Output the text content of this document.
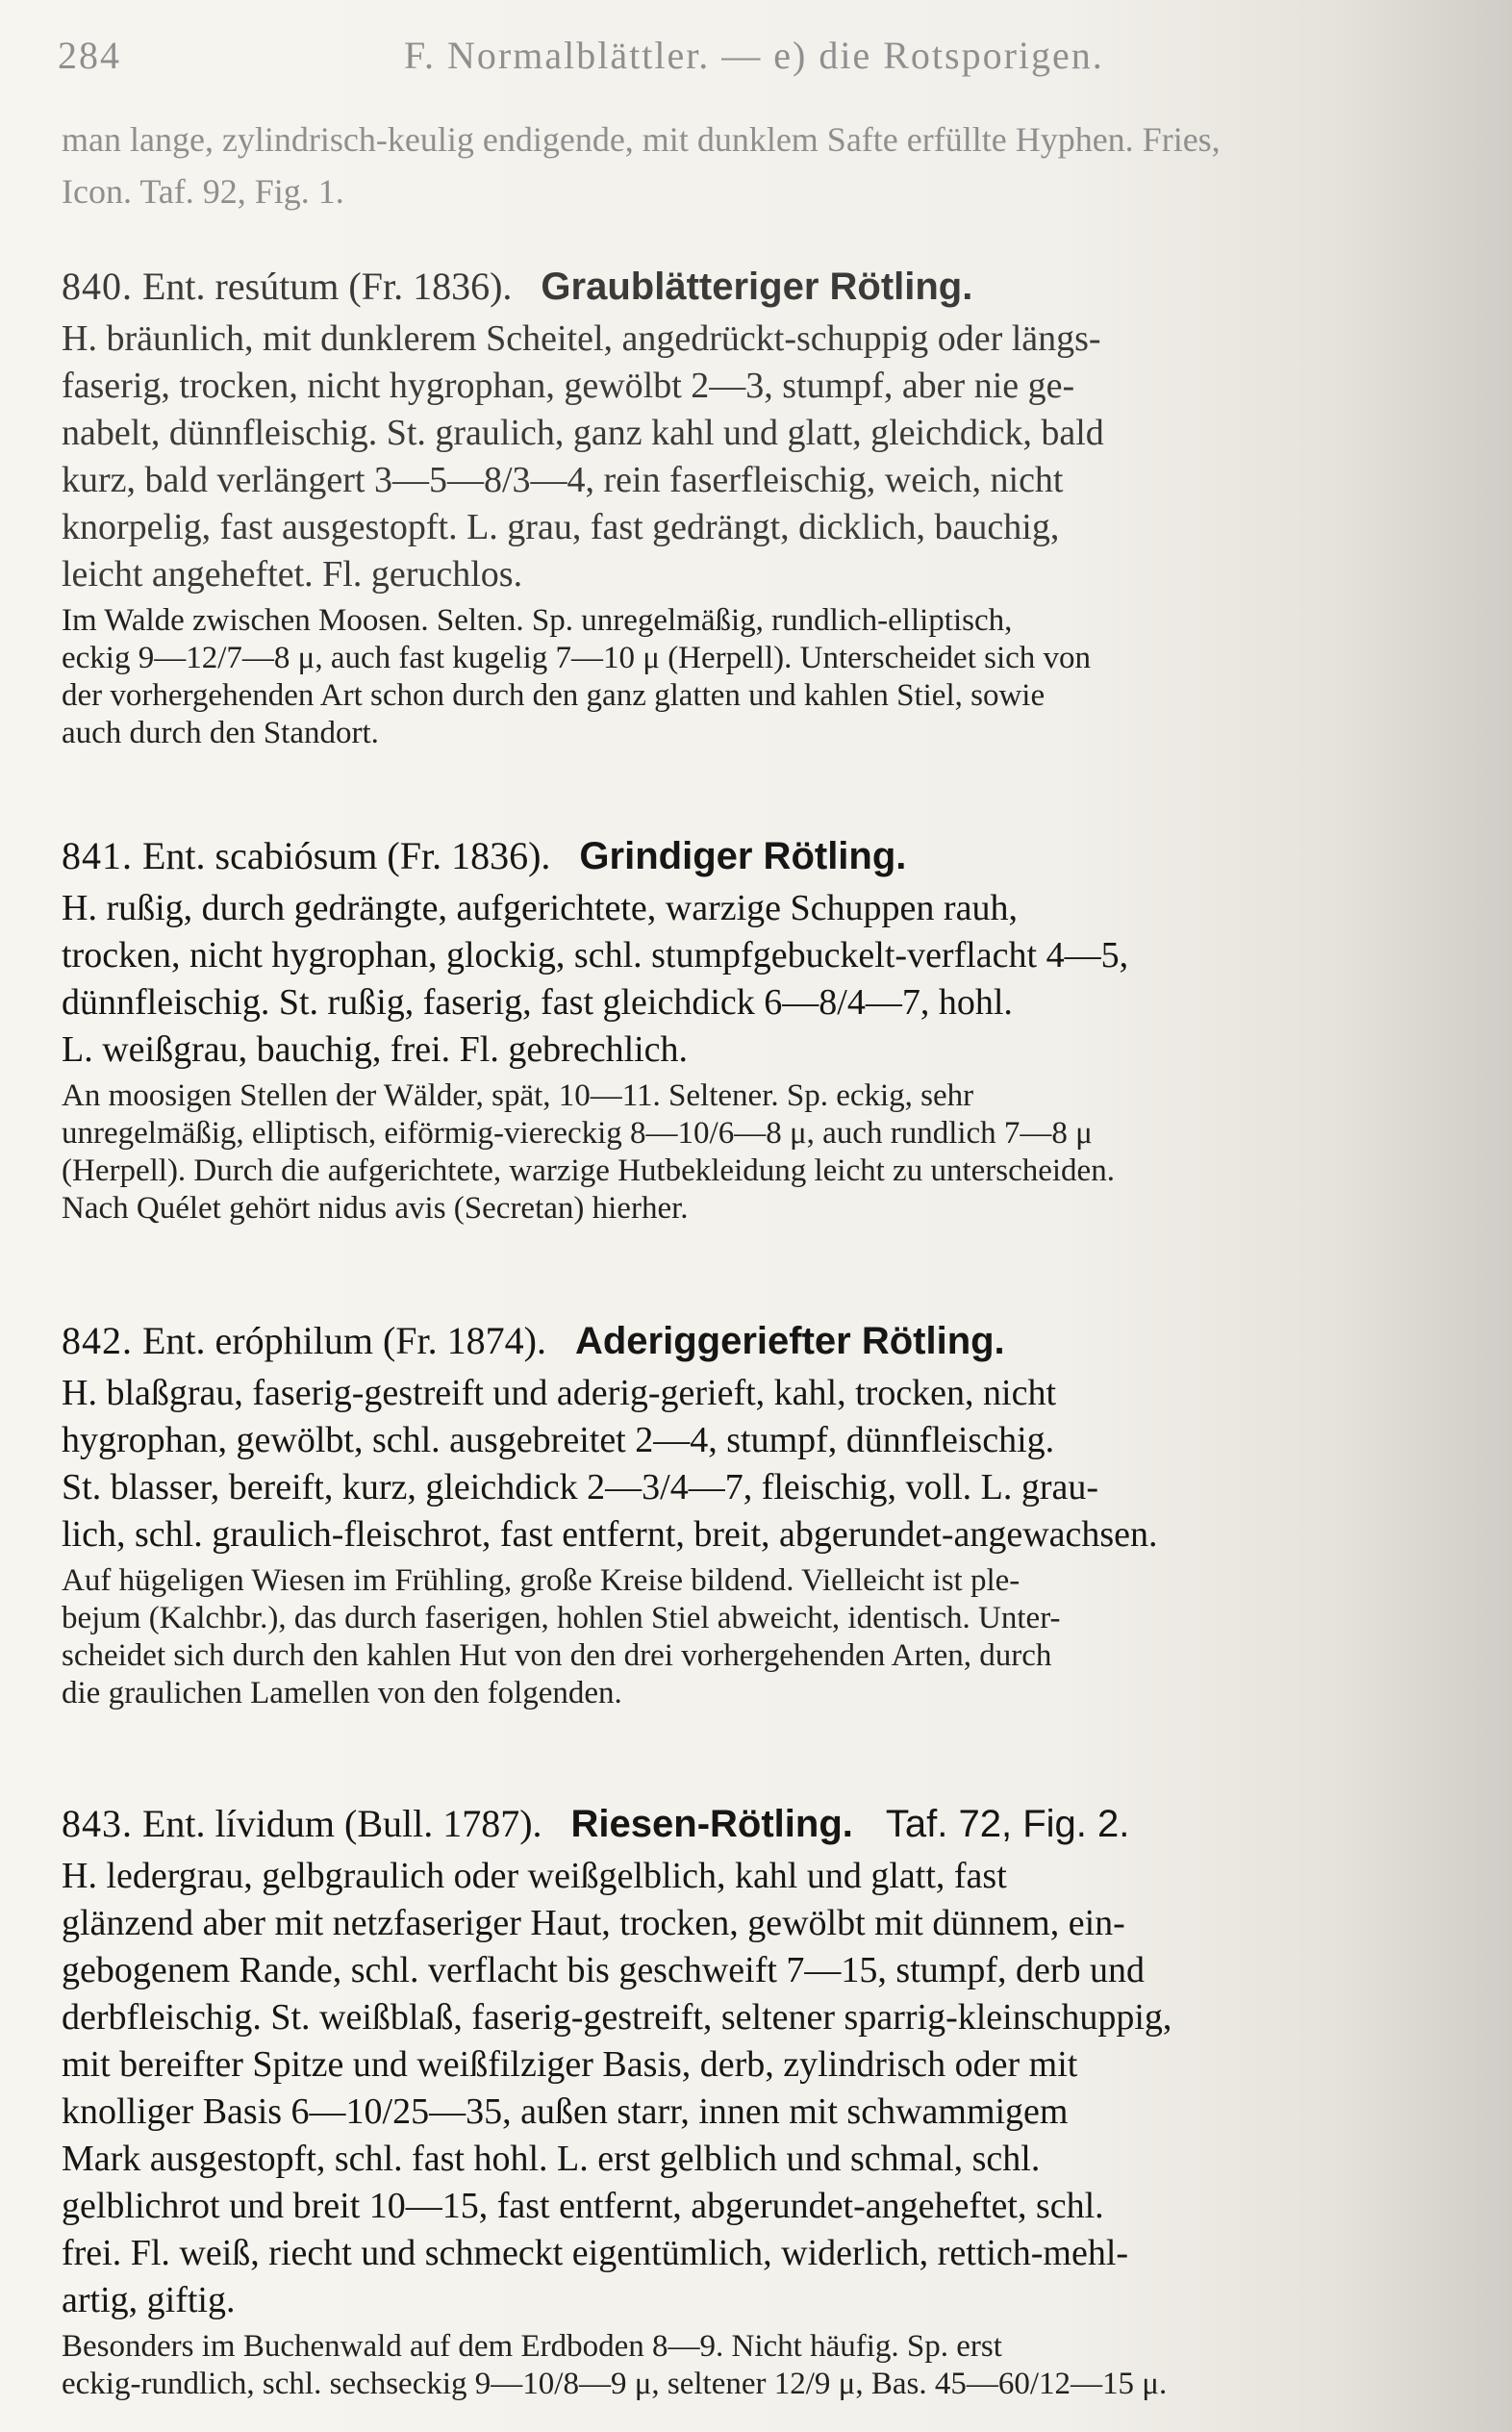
284	F. Normalblättler. — e) die Rotsporigen.
man lange, zylindrisch-keulig endigende, mit dunklem Safte erfüllte Hyphen. Fries,
Icon. Taf. 92, Fig. 1.
840. Ent. resútum (Fr. 1836). Graublätteriger Rötling.
H. bräunlich, mit dunklerem Scheitel, angedrückt-schuppig oder längs-
faserig, trocken, nicht hygrophan, gewölbt 2—3, stumpf, aber nie ge-
nabelt, dünnfleischig. St. graulich, ganz kahl und glatt, gleichdick, bald
kurz, bald verlängert 3—5—8/3—4, rein faserfleischig, weich, nicht
knorpelig, fast ausgestopft. L. grau, fast gedrängt, dicklich, bauchig,
leicht angeheftet. Fl. geruchlos.
Im Walde zwischen Moosen. Selten. Sp. unregelmäßig, rundlich-elliptisch,
eckig 9—12/7—8 μ, auch fast kugelig 7—10 μ (Herpell). Unterscheidet sich von
der vorhergehenden Art schon durch den ganz glatten und kahlen Stiel, sowie
auch durch den Standort.
841. Ent. scabiósum (Fr. 1836). Grindiger Rötling.
H. rußig, durch gedrängte, aufgerichtete, warzige Schuppen rauh,
trocken, nicht hygrophan, glockig, schl. stumpfgebuckelt-verflacht 4—5,
dünnfleischig. St. rußig, faserig, fast gleichdick 6—8/4—7, hohl.
L. weißgrau, bauchig, frei. Fl. gebrechlich.
An moosigen Stellen der Wälder, spät, 10—11. Seltener. Sp. eckig, sehr
unregelmäßig, elliptisch, eiförmig-viereckig 8—10/6—8 μ, auch rundlich 7—8 μ
(Herpell). Durch die aufgerichtete, warzige Hutbekleidung leicht zu unterscheiden.
Nach Quélet gehört nidus avis (Secretan) hierher.
842. Ent. eróphilum (Fr. 1874). Aderiggeriefter Rötling.
H. blaßgrau, faserig-gestreift und aderig-gerieft, kahl, trocken, nicht
hygrophan, gewölbt, schl. ausgebreitet 2—4, stumpf, dünnfleischig.
St. blasser, bereift, kurz, gleichdick 2—3/4—7, fleischig, voll. L. grau-
lich, schl. graulich-fleischrot, fast entfernt, breit, abgerundet-angewachsen.
Auf hügeligen Wiesen im Frühling, große Kreise bildend. Vielleicht ist ple-
bejum (Kalchbr.), das durch faserigen, hohlen Stiel abweicht, identisch. Unter-
scheidet sich durch den kahlen Hut von den drei vorhergehenden Arten, durch
die graulichen Lamellen von den folgenden.
843. Ent. lívidum (Bull. 1787). Riesen-Rötling. Taf. 72, Fig. 2.
H. ledergrau, gelbgraulich oder weißgelblich, kahl und glatt, fast
glänzend aber mit netzfaseriger Haut, trocken, gewölbt mit dünnem, ein-
gebogenem Rande, schl. verflacht bis geschweift 7—15, stumpf, derb und
derbfleischig. St. weißblaß, faserig-gestreift, seltener sparrig-kleinschuppig,
mit bereifter Spitze und weißfilziger Basis, derb, zylindrisch oder mit
knolliger Basis 6—10/25—35, außen starr, innen mit schwammigem
Mark ausgestopft, schl. fast hohl. L. erst gelblich und schmal, schl.
gelblichrot und breit 10—15, fast entfernt, abgerundet-angeheftet, schl.
frei. Fl. weiß, riecht und schmeckt eigentümlich, widerlich, rettich-mehl-
artig, giftig.
Besonders im Buchenwald auf dem Erdboden 8—9. Nicht häufig. Sp. erst
eckig-rundlich, schl. sechseckig 9—10/8—9 μ, seltener 12/9 μ, Bas. 45—60/12—15 μ.
